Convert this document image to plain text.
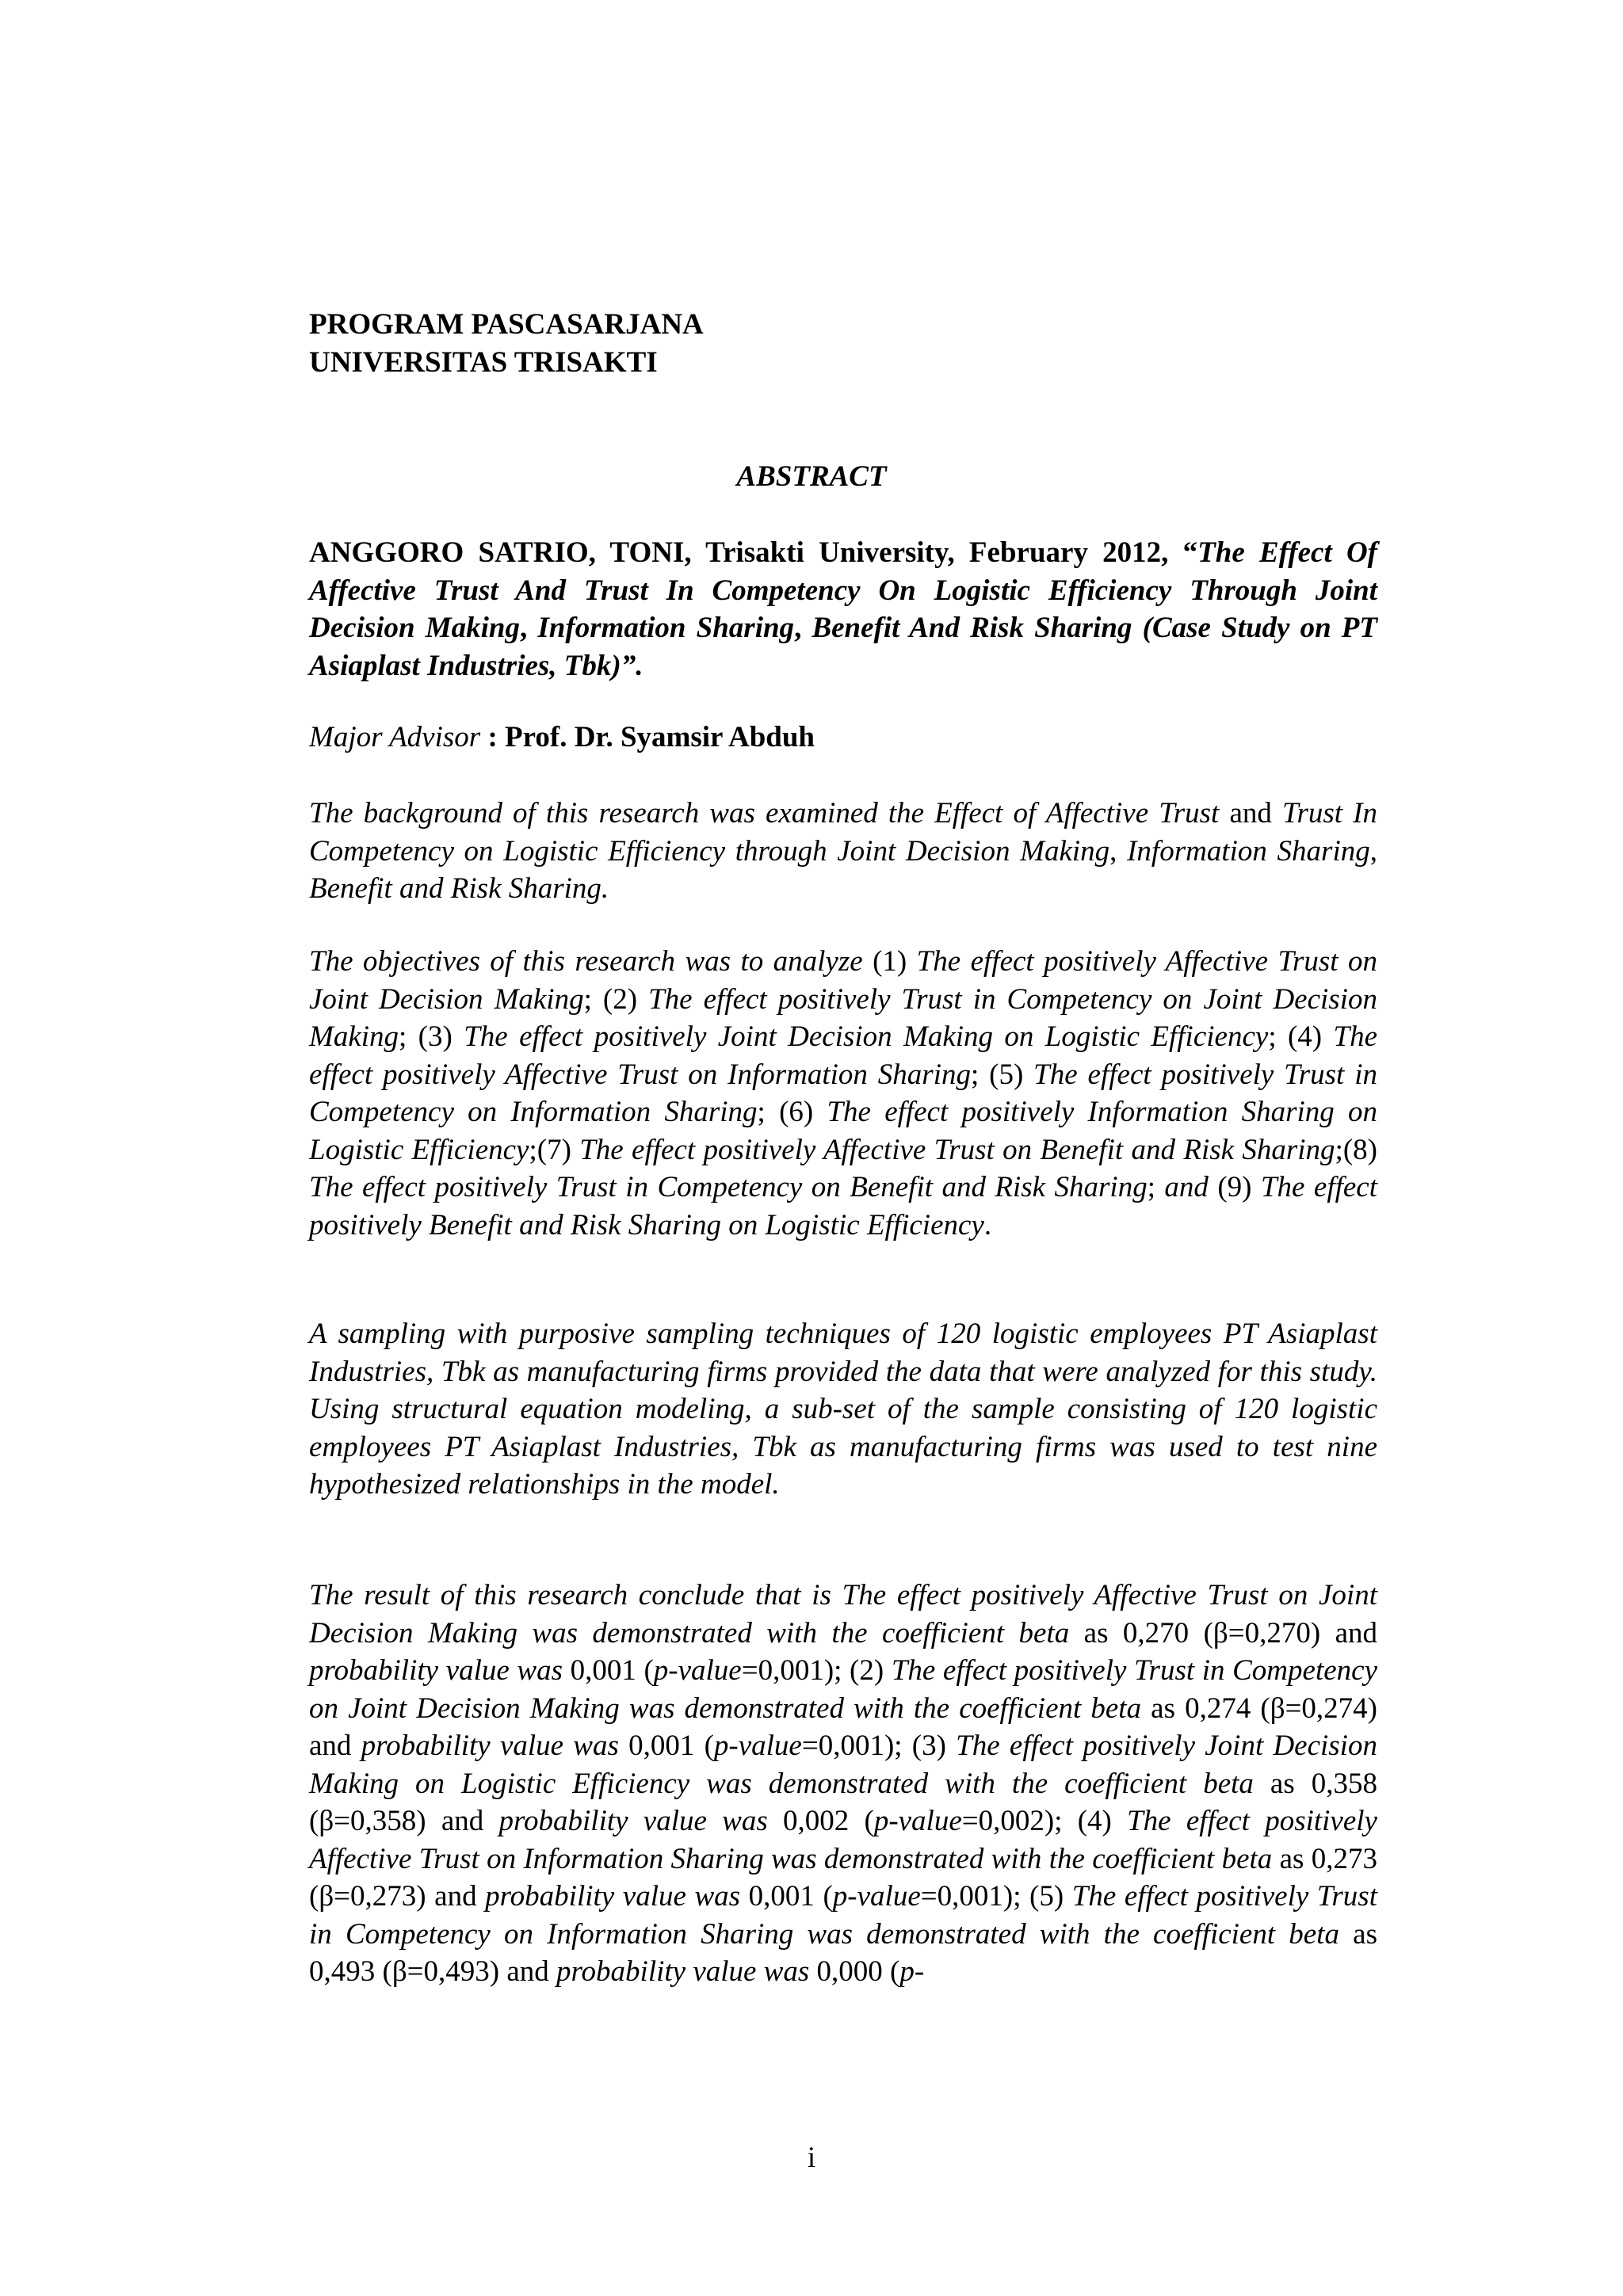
PROGRAM PASCASARJANA
UNIVERSITAS TRISAKTI
ABSTRACT

ANGGORO SATRIO, TONI, Trisakti University, February 2012, “The Effect Of Affective Trust And Trust In Competency On Logistic Efficiency Through Joint Decision Making, Information Sharing, Benefit And Risk Sharing (Case Study on PT Asiaplast Industries, Tbk)”.

Major Advisor : Prof. Dr. Syamsir Abduh

The background of this research was examined the Effect of Affective Trust and Trust In Competency on Logistic Efficiency through Joint Decision Making, Information Sharing, Benefit and Risk Sharing.

The objectives of this research was to analyze (1) The effect positively Affective Trust on Joint Decision Making; (2) The effect positively Trust in Competency on Joint Decision Making; (3) The effect positively Joint Decision Making on Logistic Efficiency; (4) The effect positively Affective Trust on Information Sharing; (5) The effect positively Trust in Competency on Information Sharing; (6) The effect positively Information Sharing on Logistic Efficiency;(7) The effect positively Affective Trust on Benefit and Risk Sharing;(8) The effect positively Trust in Competency on Benefit and Risk Sharing; and (9) The effect positively Benefit and Risk Sharing on Logistic Efficiency.

A sampling with purposive sampling techniques of 120 logistic employees PT Asiaplast Industries, Tbk as manufacturing firms provided the data that were analyzed for this study. Using structural equation modeling, a sub-set of the sample consisting of 120 logistic employees PT Asiaplast Industries, Tbk as manufacturing firms was used to test nine hypothesized relationships in the model.

The result of this research conclude that is The effect positively Affective Trust on Joint Decision Making was demonstrated with the coefficient beta as 0,270 (β=0,270) and probability value was 0,001 (p-value=0,001); (2) The effect positively Trust in Competency on Joint Decision Making was demonstrated with the coefficient beta as 0,274 (β=0,274) and probability value was 0,001 (p-value=0,001); (3) The effect positively Joint Decision Making on Logistic Efficiency was demonstrated with the coefficient beta as 0,358 (β=0,358) and probability value was 0,002 (p-value=0,002); (4) The effect positively Affective Trust on Information Sharing was demonstrated with the coefficient beta as 0,273 (β=0,273) and probability value was 0,001 (p-value=0,001); (5) The effect positively Trust in Competency on Information Sharing was demonstrated with the coefficient beta as 0,493 (β=0,493) and probability value was 0,000 (p-

i
